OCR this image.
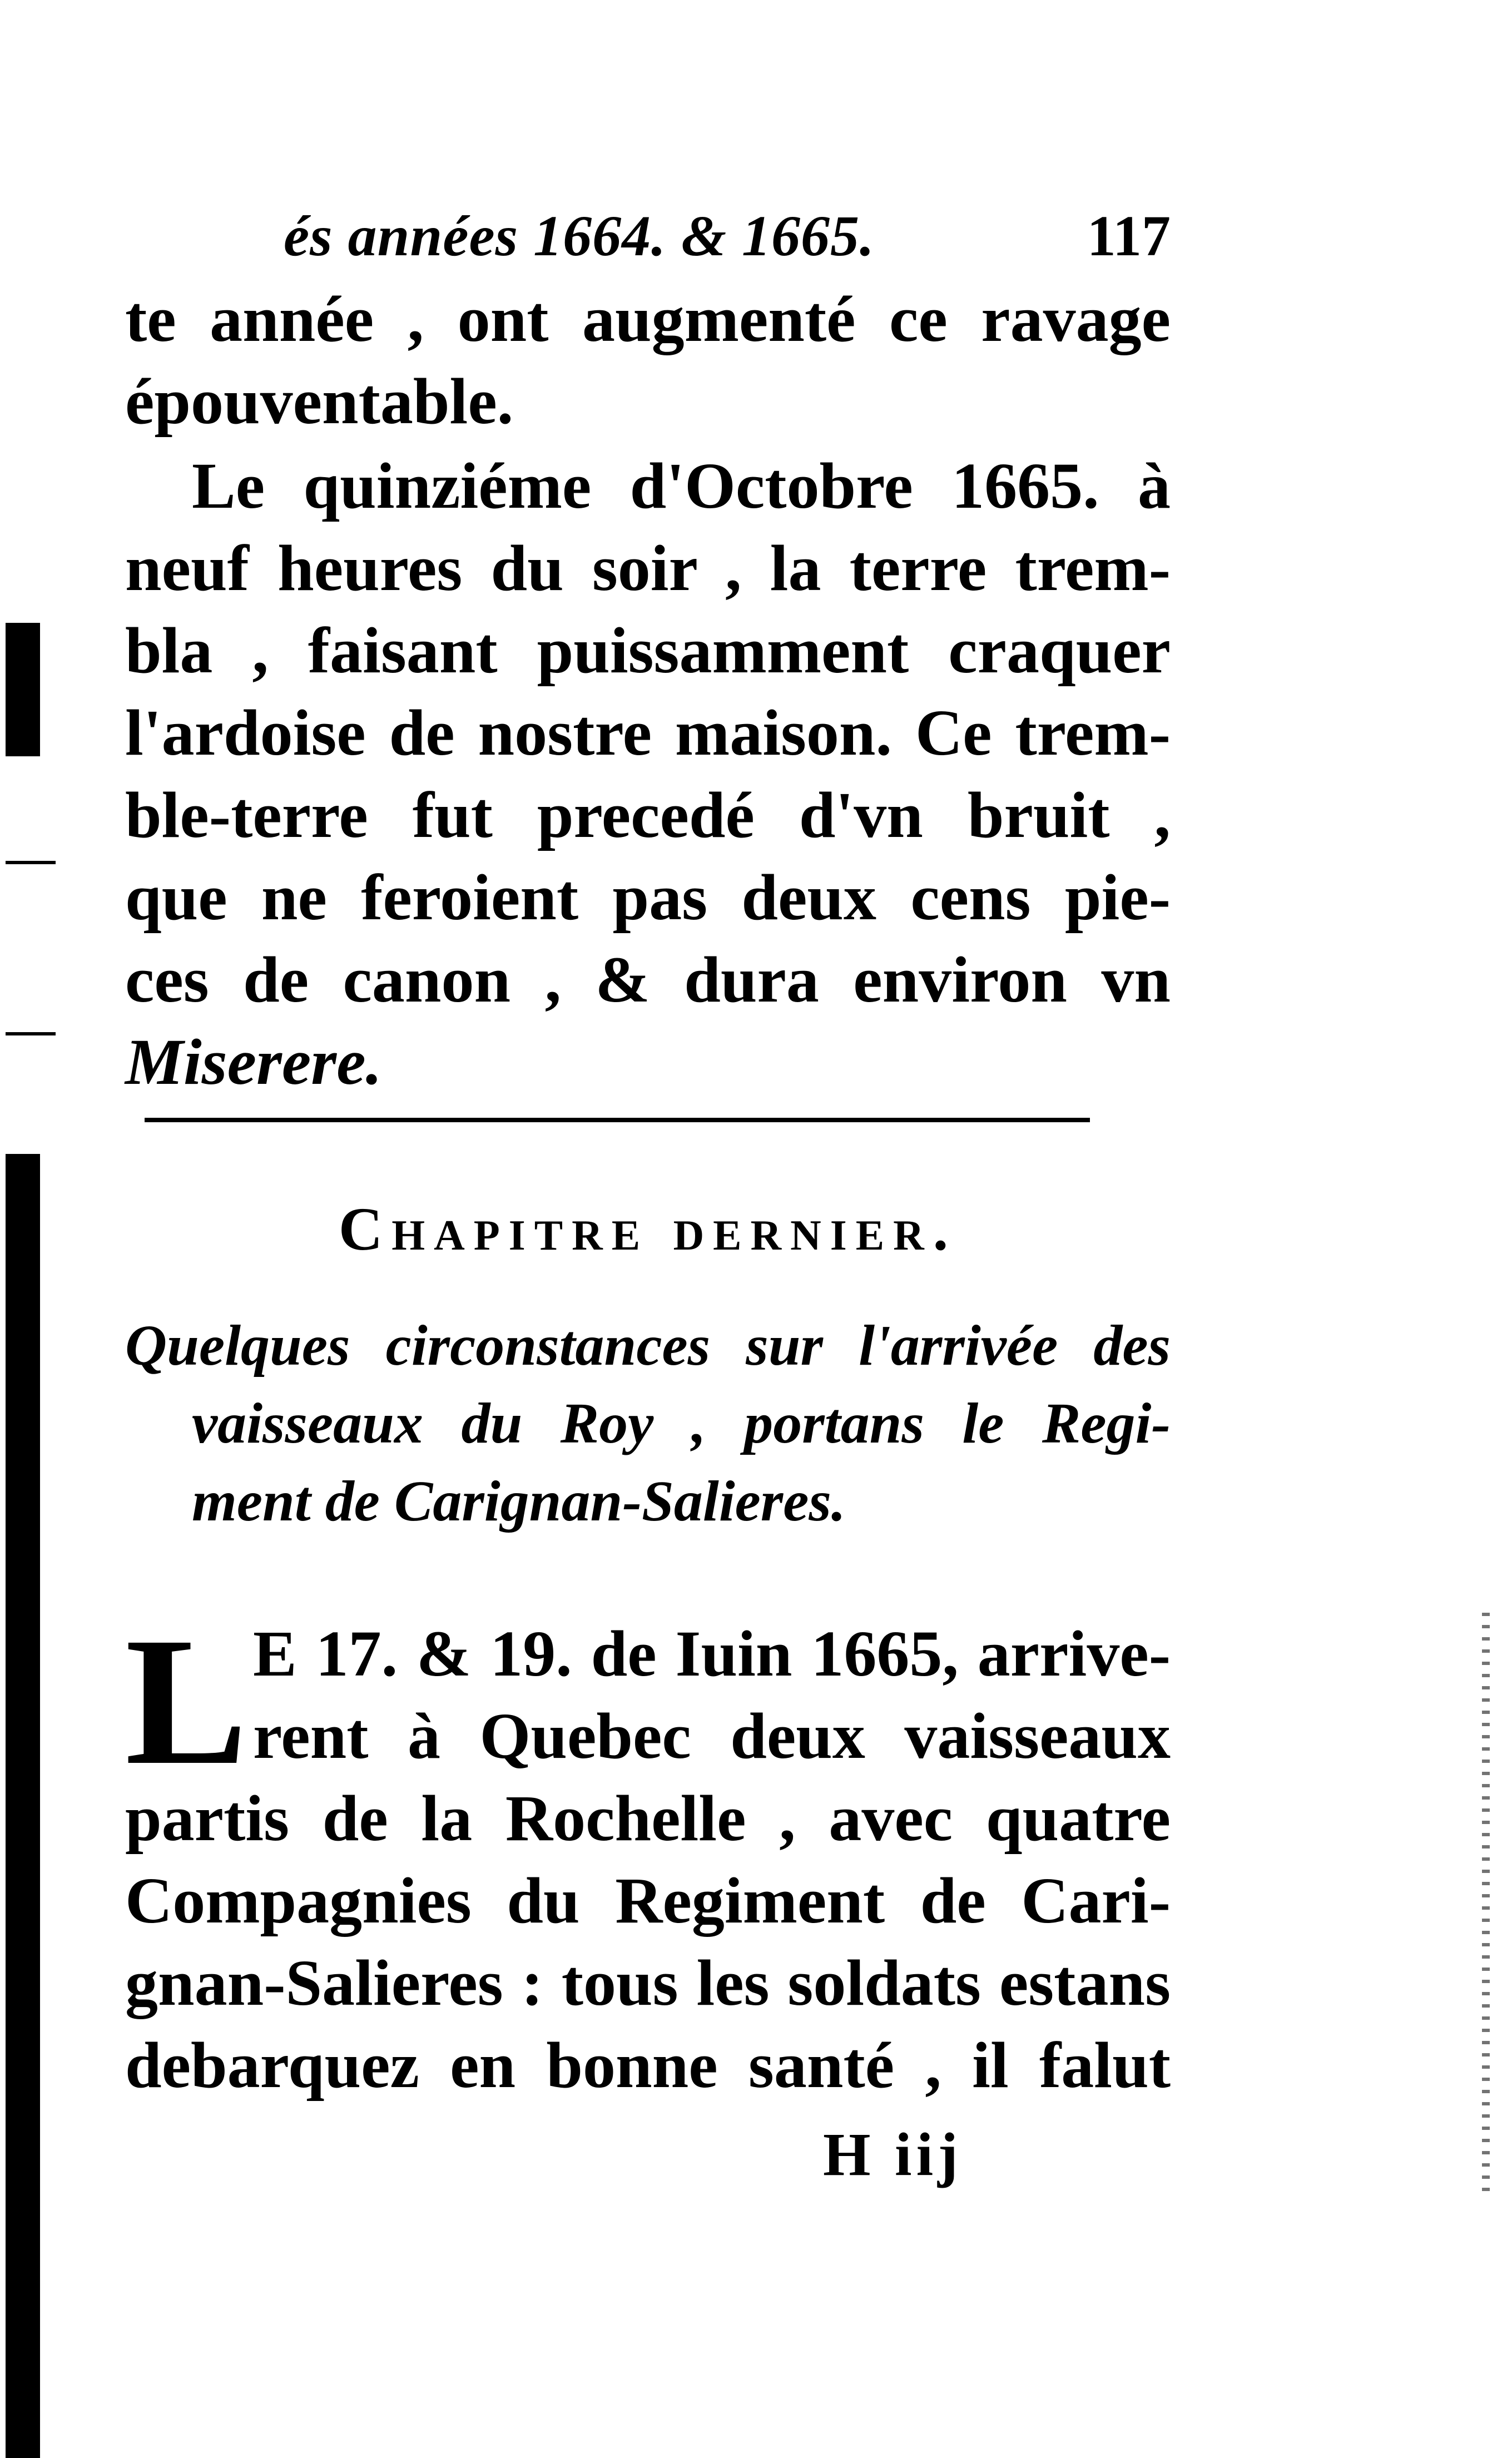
és années 1664. & 1665.	117
te année , ont augmenté ce ravage
épouventable.
Le quinziéme d'Octobre 1665. à
neuf heures du soir , la terre trem-
bla , faisant puissamment craquer
l'ardoise de nostre maison. Ce trem-
ble-terre fut precedé d'vn bruit ,
que ne feroient pas deux cens pie-
ces de canon , & dura environ vn
Miserere.
Chapitre dernier.
Quelques circonstances sur l'arrivée des
vaisseaux du Roy , portans le Regi-
ment de Carignan-Salieres.
L E 17. & 19. de Iuin 1665, arrive-
rent à Quebec deux vaisseaux
partis de la Rochelle , avec quatre
Compagnies du Regiment de Cari-
gnan-Salieres : tous les soldats estans
debarquez en bonne santé , il falut
H iij
